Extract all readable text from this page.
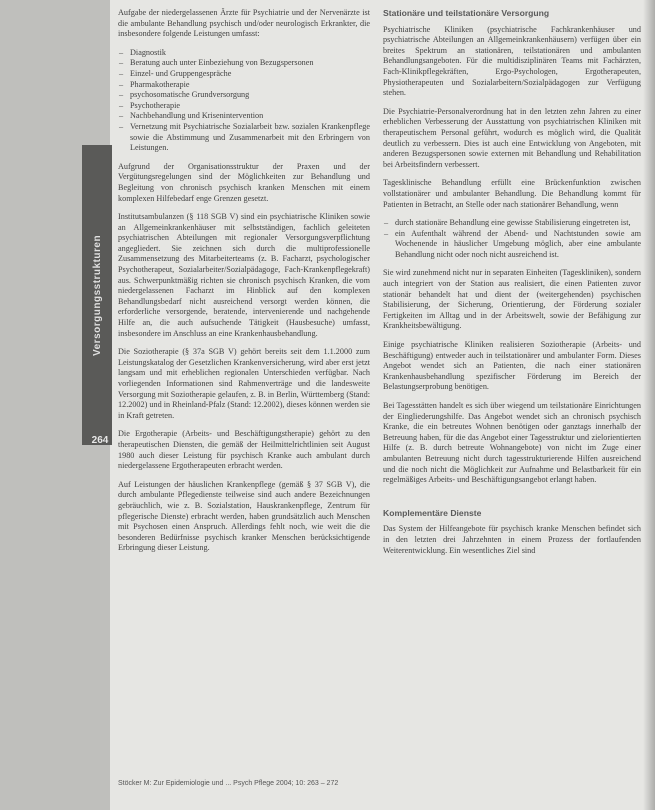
Versorgungsstrukturen
264

Aufgabe der niedergelassenen Ärzte für Psychiatrie und der Nervenärzte ist die ambulante Behandlung psychisch und/oder neurologisch Erkrankter, die insbesondere folgende Leistungen umfasst:

– Diagnostik
– Beratung auch unter Einbeziehung von Bezugspersonen
– Einzel- und Gruppengespräche
– Pharmakotherapie
– psychosomatische Grundversorgung
– Psychotherapie
– Nachbehandlung und Krisenintervention
– Vernetzung mit Psychiatrische Sozialarbeit bzw. sozialen Krankenpflege sowie die Abstimmung und Zusammenarbeit mit den Erbringern von Leistungen.

Aufgrund der Organisationsstruktur der Praxen und der Vergütungsregelungen sind der Möglichkeiten zur Behandlung und Begleitung von chronisch psychisch kranken Menschen mit einem komplexen Hilfebedarf enge Grenzen gesetzt.

Institutsambulanzen (§ 118 SGB V) sind ein psychiatrische Kliniken sowie an Allgemeinkrankenhäuser mit selbstständigen, fachlich geleiteten psychiatrischen Abteilungen mit regionaler Versorgungsverpflichtung angegliedert. Sie zeichnen sich durch die multiprofessionelle Zusammensetzung des Mitarbeiterteams (z. B. Facharzt, psychologischer Psychotherapeut, Sozialarbeiter/Sozialpädagoge, Fach-Krankenpflegekraft) aus. Schwerpunktmäßig richten sie chronisch psychisch Kranken, die vom niedergelassenen Facharzt im Hinblick auf den komplexen Behandlungsbedarf nicht ausreichend versorgt werden können, die erforderliche versorgende, beratende, intervenierende und nachgehende Hilfe an, die auch aufsuchende Tätigkeit (Hausbesuche) umfasst, insbesondere im Anschluss an eine Krankenhausbehandlung.

Die Soziotherapie (§ 37a SGB V) gehört bereits seit dem 1.1.2000 zum Leistungskatalog der Gesetzlichen Krankenversicherung, wird aber erst jetzt langsam und mit erheblichen regionalen Unterschieden verfügbar. Nach vorliegenden Informationen sind Rahmenverträge und die landesweite Versorgung mit Soziotherapie gelaufen, z. B. in Berlin, Württemberg (Stand: 12.2002) und in Rheinland-Pfalz (Stand: 12.2002), dieses können werden sie in Kraft getreten.

Die Ergotherapie (Arbeits- und Beschäftigungstherapie) gehört zu den therapeutischen Diensten, die gemäß der Heilmittelrichtlinien seit August 1980 auch dieser Leistung für psychisch Kranke auch ambulant durch niedergelassene Ergotherapeuten erbracht werden.

Auf Leistungen der häuslichen Krankenpflege (gemäß § 37 SGB V), die durch ambulante Pflegedienste teilweise sind auch andere Bezeichnungen gebräuchlich, wie z. B. Sozialstation, Hauskrankenpflege, Zentrum für pflegerische Dienste) erbracht werden, haben grundsätzlich auch Menschen mit Psychosen einen Anspruch. Allerdings fehlt noch, wie weit die die besonderen Bedürfnisse psychisch kranker Menschen berücksichtigende Erbringung dieser Leistung.

Stationäre und teilstationäre Versorgung

Psychiatrische Kliniken (psychiatrische Fachkrankenhäuser und psychiatrische Abteilungen an Allgemeinkrankenhäusern) verfügen über ein breites Spektrum an stationären, teilstationären und ambulanten Behandlungsangeboten. Für die multidisziplinären Teams mit Fachärzten, Fach-Klinikpflegekräften, Ergo-Psychologen, Ergotherapeuten, Physiotherapeuten und Sozialarbeitern/Sozialpädagogen zur Verfügung stehen.

Die Psychiatrie-Personalverordnung hat in den letzten zehn Jahren zu einer erheblichen Verbesserung der Ausstattung von psychiatrischen Kliniken mit therapeutischem Personal geführt, wodurch es möglich wird, die Qualität deutlich zu verbessern. Dies ist auch eine Entwicklung von Angeboten, mit anderen Bezugspersonen sowie externen mit Behandlung und Rehabilitation bei Arbeitsfindern verbessert.

Tagesklinische Behandlung erfüllt eine Brückenfunktion zwischen vollstationärer und ambulanter Behandlung. Die Behandlung kommt für Patienten in Betracht, an Stelle oder nach stationärer Behandlung, wenn

– durch stationäre Behandlung eine gewisse Stabilisierung eingetreten ist,
– ein Aufenthalt während der Abend- und Nachtstunden sowie am Wochenende in häuslicher Umgebung möglich, aber eine ambulante Behandlung nicht oder noch nicht ausreichend ist.

Sie wird zunehmend nicht nur in separaten Einheiten (Tageskliniken), sondern auch integriert von der Station aus realisiert, die einen Patienten zuvor stationär behandelt hat und dient der (weitergehenden) psychischen Stabilisierung, der Sicherung, Orientierung, der Förderung sozialer Fertigkeiten im Alltag und in der Arbeitswelt, sowie der Befähigung zur Krankheitsbewältigung.

Einige psychiatrische Kliniken realisieren Soziotherapie (Arbeits- und Beschäftigung) entweder auch in teilstationärer und ambulanter Form. Dieses Angebot wendet sich an Patienten, die nach einer stationären Krankenhausbehandlung spezifischer Förderung im Bereich der Belastungserprobung benötigen.

Bei Tagesstätten handelt es sich über wiegend um teilstationäre Einrichtungen der Eingliederungshilfe. Das Angebot wendet sich an chronisch psychisch Kranke, die ein betreutes Wohnen benötigen oder ganztags innerhalb der Betreuung haben, für die das Angebot einer Tagesstruktur und zielorientierten Hilfe (z. B. durch betreute Wohnangebote) von nicht im Zuge einer ambulanten Betreuung nicht durch tagesstrukturierende Hilfen ausreichend und die noch nicht die Möglichkeit zur Aufnahme und Belastbarkeit für ein regelmäßiges Arbeits- und Beschäftigungsangebot erlangt haben.

Komplementäre Dienste

Das System der Hilfeangebote für psychisch kranke Menschen befindet sich in den letzten drei Jahrzehnten in einem Prozess der fortlaufenden Weiterentwicklung. Ein wesentliches Ziel sind

Stöcker M: Zur Epidemiologie und ... Psych Pflege 2004; 10: 263 – 272
